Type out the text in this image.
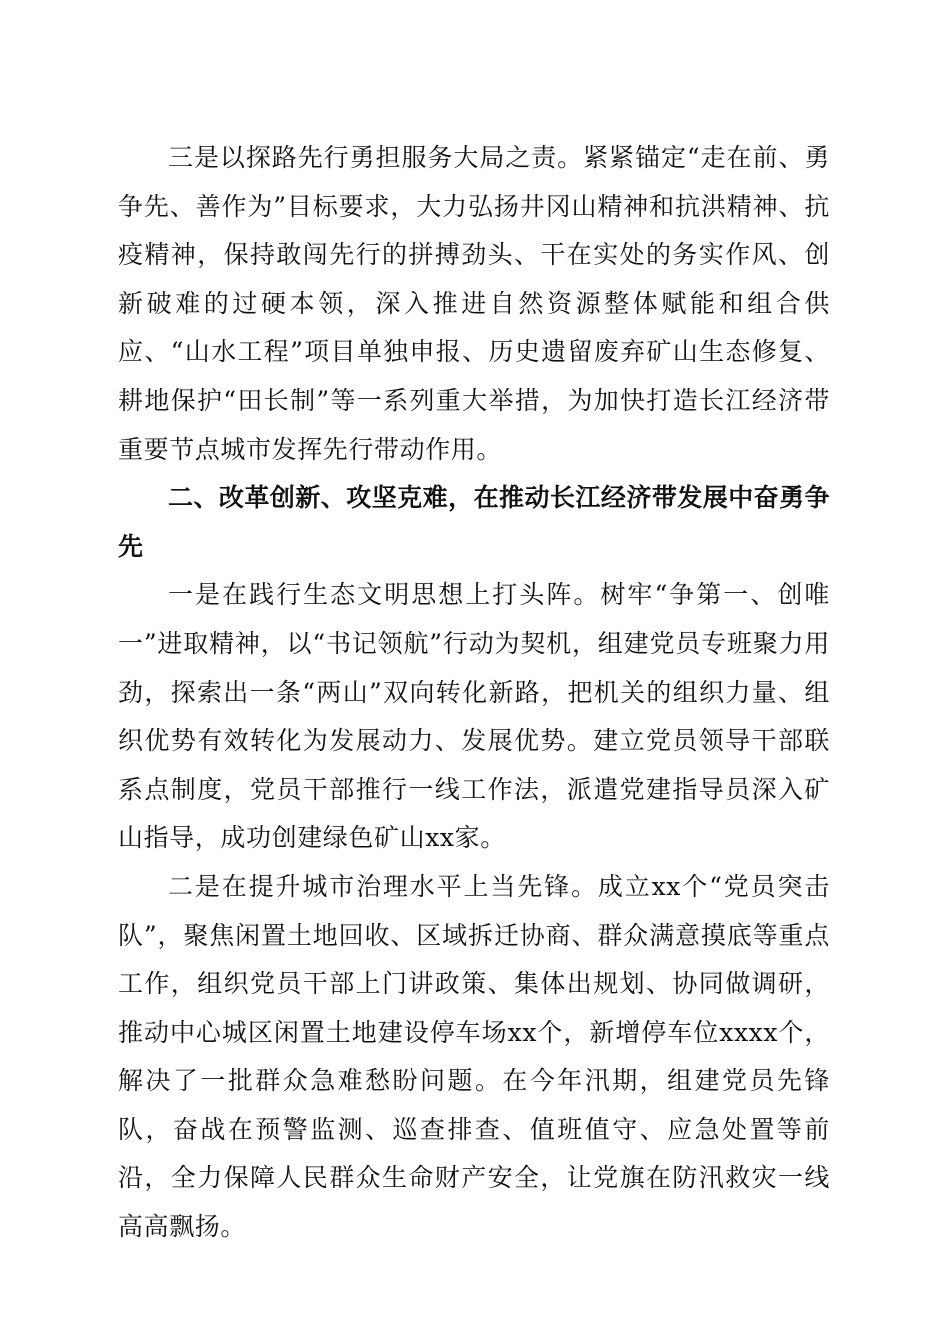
三是以探路先行勇担服务大局之责。紧紧锚定“走在前、勇争先、善作为”目标要求，大力弘扬井冈山精神和抗洪精神、抗疫精神，保持敢闯先行的拼搏劲头、干在实处的务实作风、创新破难的过硬本领，深入推进自然资源整体赋能和组合供应、“山水工程”项目单独申报、历史遗留废弃矿山生态修复、耕地保护“田长制”等一系列重大举措，为加快打造长江经济带重要节点城市发挥先行带动作用。

二、改革创新、攻坚克难，在推动长江经济带发展中奋勇争先

一是在践行生态文明思想上打头阵。树牢“争第一、创唯一”进取精神，以“书记领航”行动为契机，组建党员专班聚力用劲，探索出一条“两山”双向转化新路，把机关的组织力量、组织优势有效转化为发展动力、发展优势。建立党员领导干部联系点制度，党员干部推行一线工作法，派遣党建指导员深入矿山指导，成功创建绿色矿山xx家。

二是在提升城市治理水平上当先锋。成立xx个“党员突击队”，聚焦闲置土地回收、区域拆迁协商、群众满意摸底等重点工作，组织党员干部上门讲政策、集体出规划、协同做调研，推动中心城区闲置土地建设停车场xx个，新增停车位xxxx个，解决了一批群众急难愁盼问题。在今年汛期，组建党员先锋队，奋战在预警监测、巡查排查、值班值守、应急处置等前沿，全力保障人民群众生命财产安全，让党旗在防汛救灾一线高高飘扬。
